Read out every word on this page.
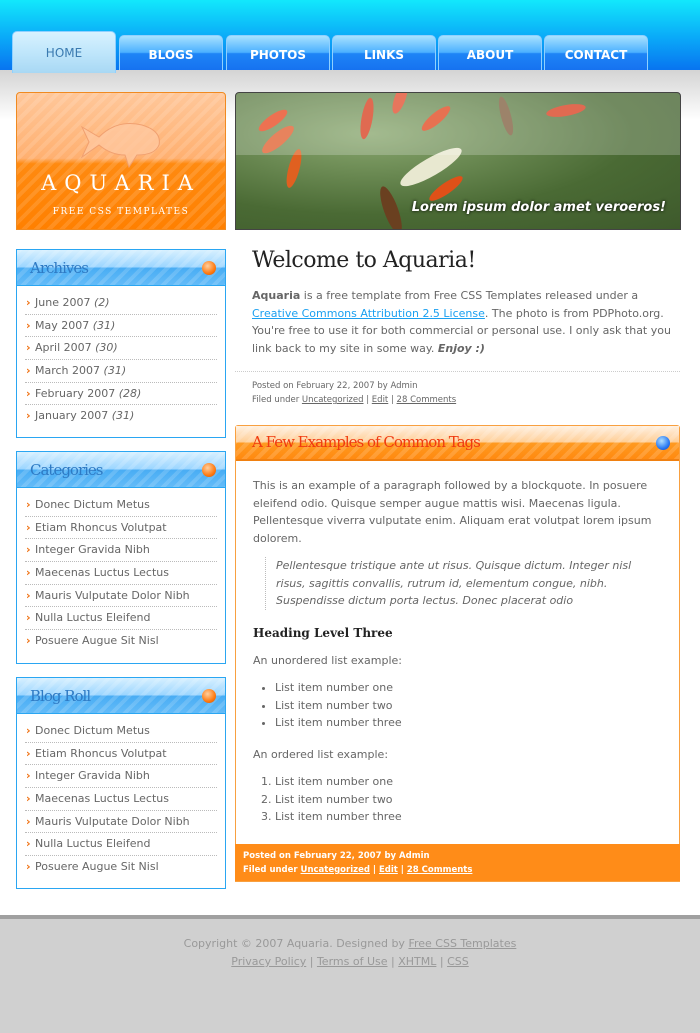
HOME	BLOGS	PHOTOS	LINKS	ABOUT	CONTACT
AQUARIA
FREE CSS TEMPLATES	Lorem ipsum dolor amet veroeros!
Archives
› June 2007 (2)
› May 2007 (31)
› April 2007 (30)
› March 2007 (31)
› February 2007 (28)
› January 2007 (31)
Categories
› Donec Dictum Metus
› Etiam Rhoncus Volutpat
› Integer Gravida Nibh
› Maecenas Luctus Lectus
› Mauris Vulputate Dolor Nibh
› Nulla Luctus Eleifend
› Posuere Augue Sit Nisl
Blog Roll
› Donec Dictum Metus
› Etiam Rhoncus Volutpat
› Integer Gravida Nibh
› Maecenas Luctus Lectus
› Mauris Vulputate Dolor Nibh
› Nulla Luctus Eleifend
› Posuere Augue Sit Nisl
Welcome to Aquaria!

Aquaria is a free template from Free CSS Templates released under a Creative Commons Attribution 2.5 License. The photo is from PDPhoto.org. You're free to use it for both commercial or personal use. I only ask that you link back to my site in some way. Enjoy :)

Posted on February 22, 2007 by Admin
Filed under Uncategorized | Edit | 28 Comments
A Few Examples of Common Tags

This is an example of a paragraph followed by a blockquote. In posuere eleifend odio. Quisque semper augue mattis wisi. Maecenas ligula. Pellentesque viverra vulputate enim. Aliquam erat volutpat lorem ipsum dolorem.

Pellentesque tristique ante ut risus. Quisque dictum. Integer nisl risus, sagittis convallis, rutrum id, elementum congue, nibh. Suspendisse dictum porta lectus. Donec placerat odio
Heading Level Three

An unordered list example:

• List item number one
• List item number two
• List item number three

An ordered list example:

1. List item number one
2. List item number two
3. List item number three
Posted on February 22, 2007 by Admin
Filed under Uncategorized | Edit | 28 Comments
Copyright © 2007 Aquaria. Designed by Free CSS Templates
Privacy Policy | Terms of Use | XHTML | CSS
